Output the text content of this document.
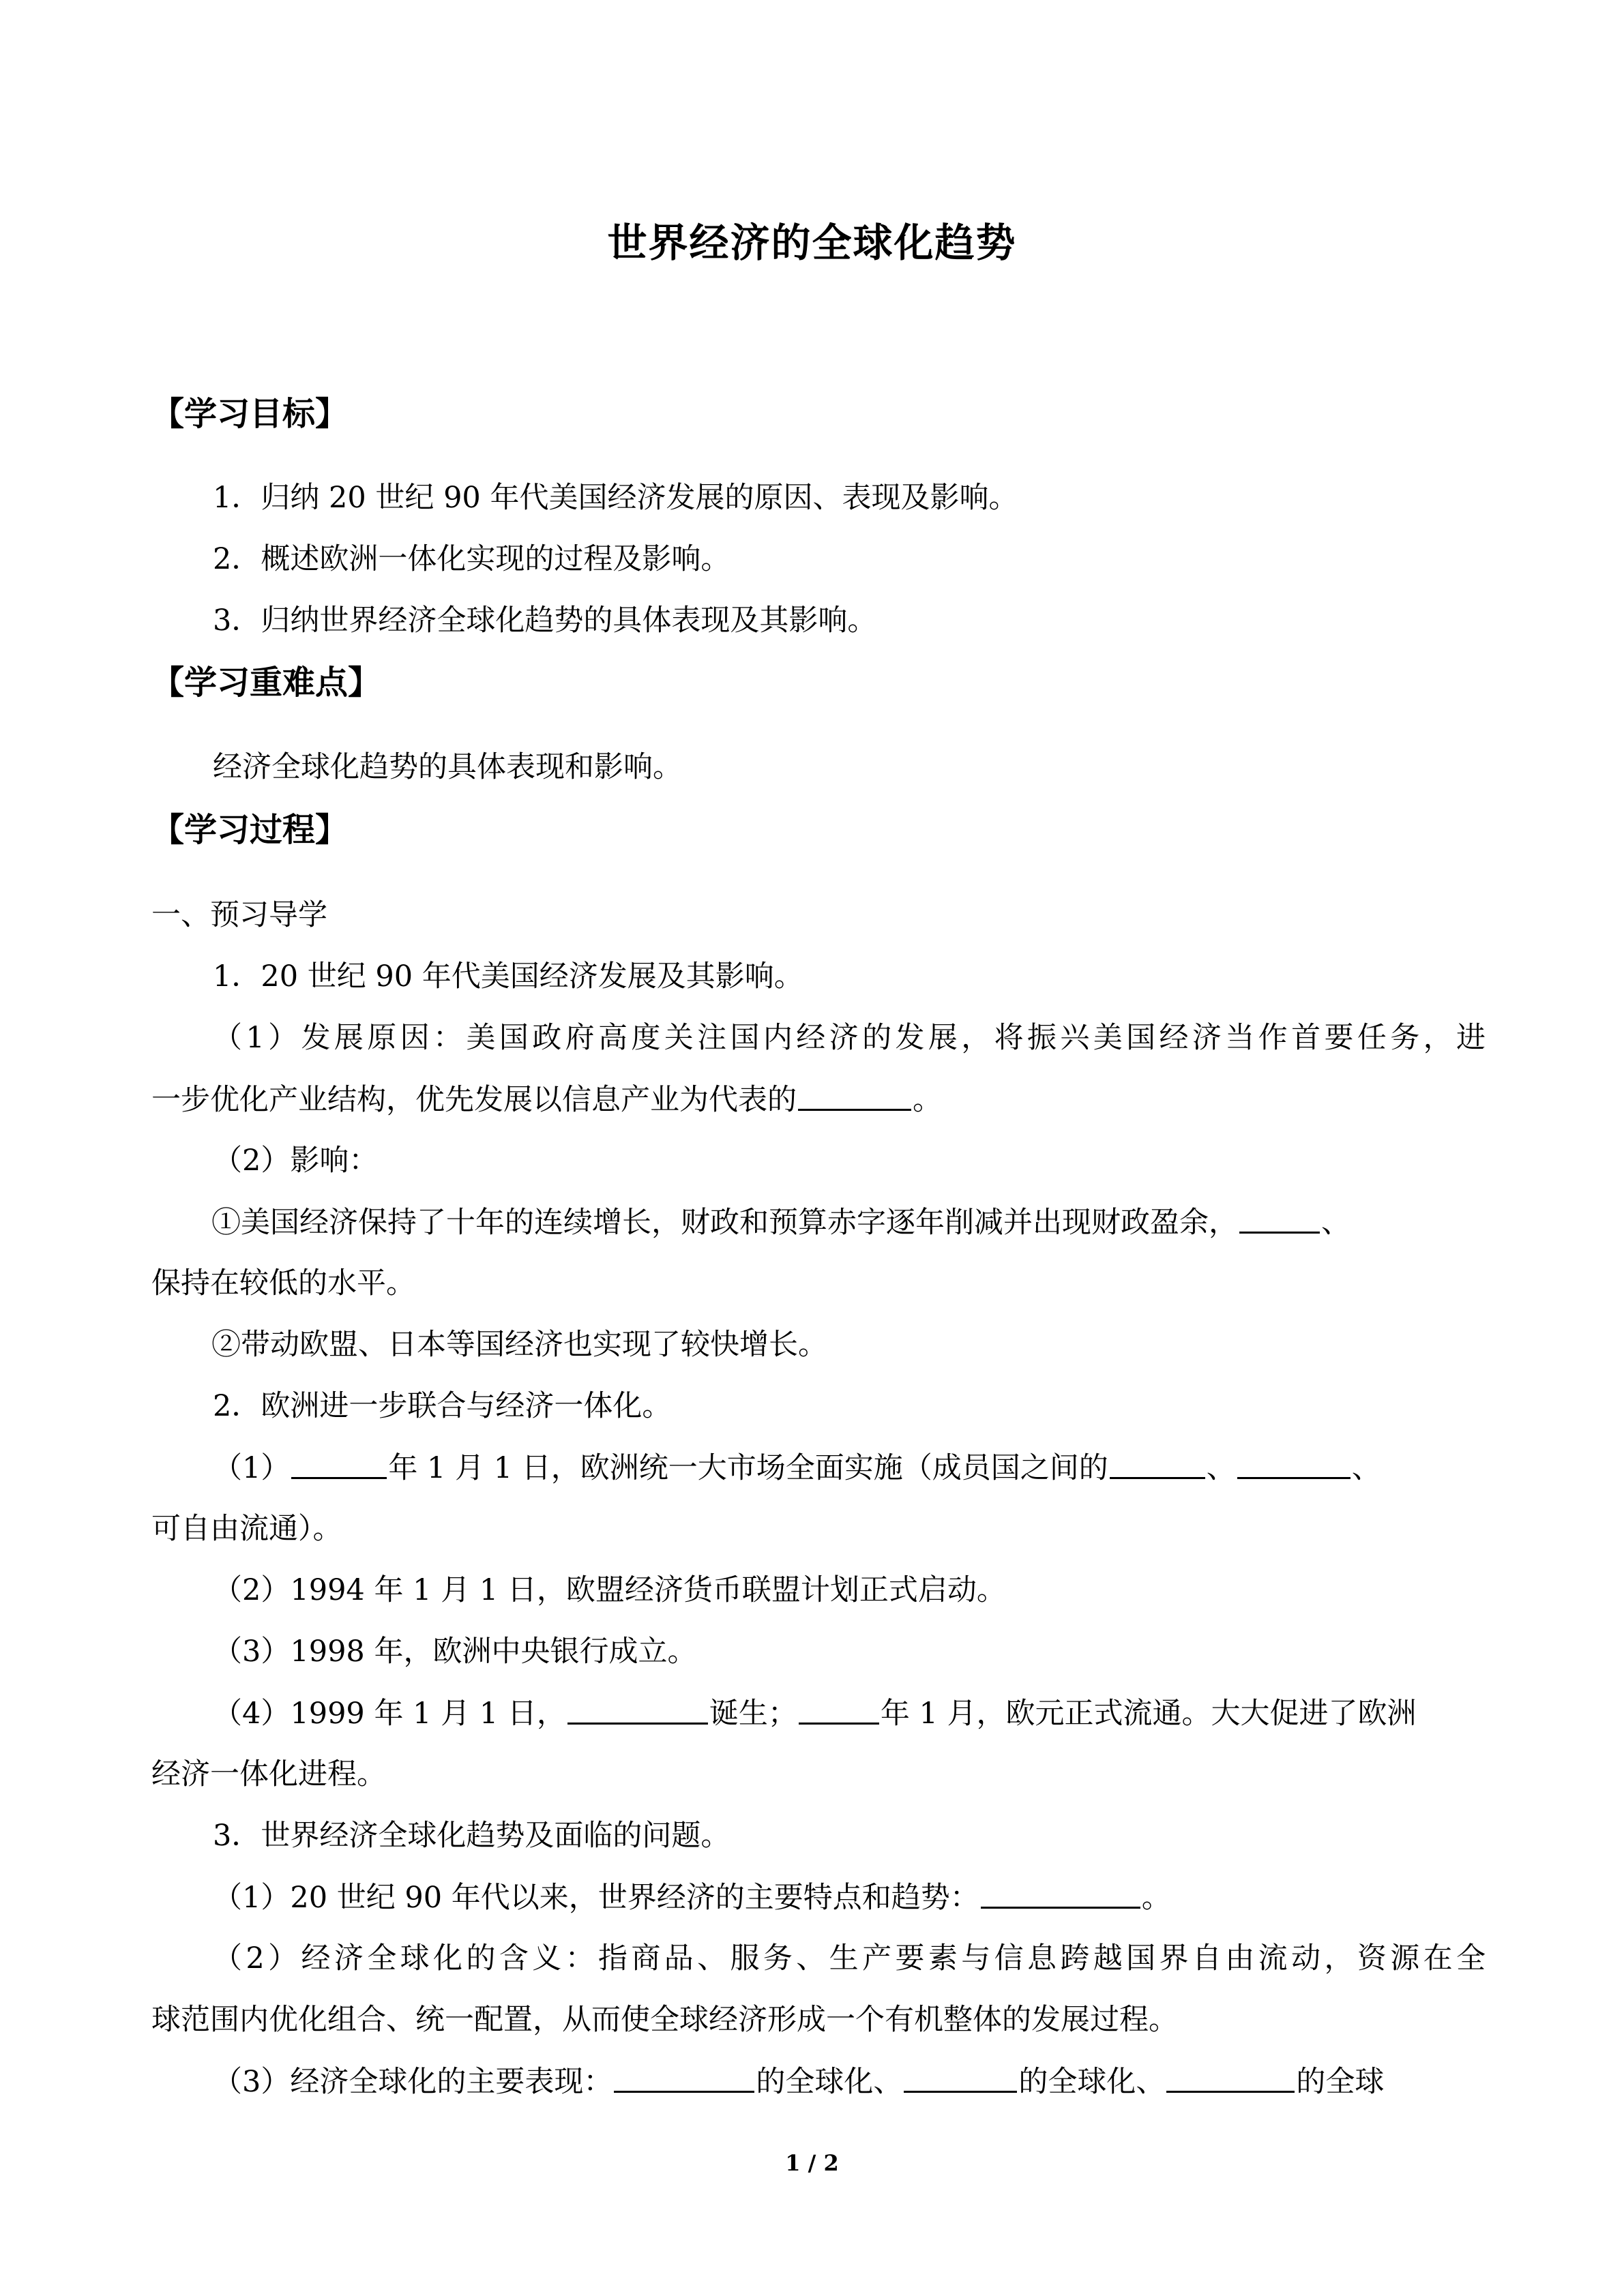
世界经济的全球化趋势
【学习目标】
1．归纳 20 世纪 90 年代美国经济发展的原因、表现及影响。
2．概述欧洲一体化实现的过程及影响。
3．归纳世界经济全球化趋势的具体表现及其影响。
【学习重难点】
经济全球化趋势的具体表现和影响。
【学习过程】
一、预习导学
1．20 世纪 90 年代美国经济发展及其影响。
（1）发展原因：美国政府高度关注国内经济的发展，将振兴美国经济当作首要任务，进
一步优化产业结构，优先发展以信息产业为代表的	。
（2）影响：
①美国经济保持了十年的连续增长，财政和预算赤字逐年削减并出现财政盈余，	、
保持在较低的水平。
②带动欧盟、日本等国经济也实现了较快增长。
2．欧洲进一步联合与经济一体化。
（1）	年 1 月 1 日，欧洲统一大市场全面实施（成员国之间的	、	、
可自由流通）。
（2）1994 年 1 月 1 日，欧盟经济货币联盟计划正式启动。
（3）1998 年，欧洲中央银行成立。
（4）1999 年 1 月 1 日，	诞生；	年 1 月，欧元正式流通。大大促进了欧洲
经济一体化进程。
3．世界经济全球化趋势及面临的问题。
（1）20 世纪 90 年代以来，世界经济的主要特点和趋势：	。
（2）经济全球化的含义：指商品、服务、生产要素与信息跨越国界自由流动，资源在全
球范围内优化组合、统一配置，从而使全球经济形成一个有机整体的发展过程。
（3）经济全球化的主要表现：	的全球化、	的全球化、	的全球
1 / 2
